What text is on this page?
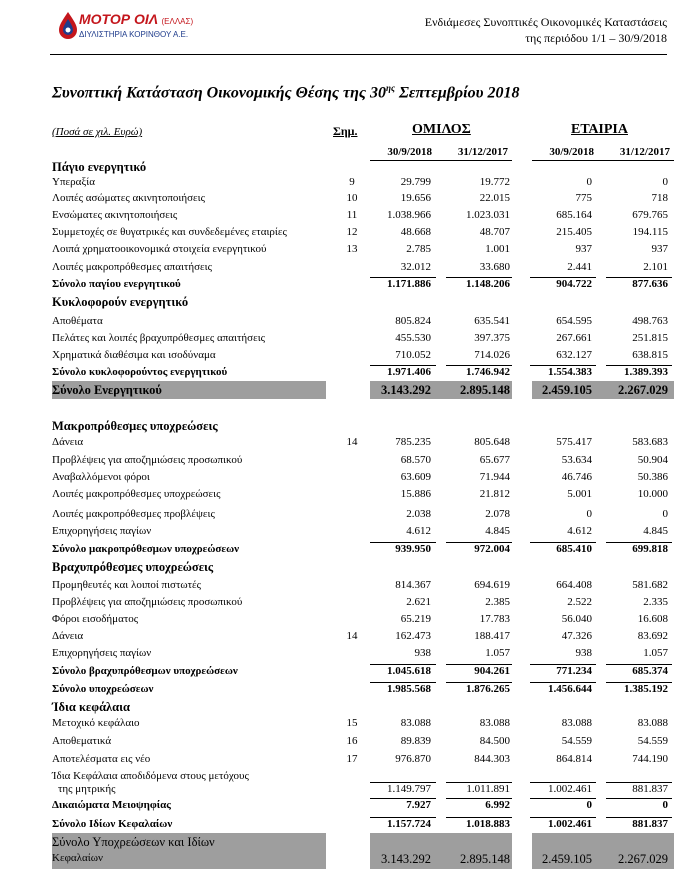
ΜΟΤΟΡ ΟΙΛ (ΕΛΛΑΣ)
ΔΙΥΛΙΣΤΗΡΙΑ ΚΟΡΙΝΘΟΥ Α.Ε.
Ενδιάμεσες Συνοπτικές Οικονομικές Καταστάσεις
της περιόδου 1/1 – 30/9/2018
Συνοπτική Κατάσταση Οικονομικής Θέσης της $30^{\eta\varsigma}$ Σεπτεμβρίου 2018
(Ποσά σε χιλ. Ευρώ)	Σημ.	ΟΜΙΛΟΣ	ΕΤΑΙΡΙΑ
30/9/2018	31/12/2017	30/9/2018	31/12/2017
Πάγιο ενεργητικό
Υπεραξία	9	29.799	19.772	0	0
Λοιπές ασώματες ακινητοποιήσεις	10	19.656	22.015	775	718
Ενσώματες ακινητοποιήσεις	11	1.038.966	1.023.031	685.164	679.765
Συμμετοχές σε θυγατρικές και συνδεδεμένες εταιρίες	12	48.668	48.707	215.405	194.115
Λοιπά χρηματοοικονομικά στοιχεία ενεργητικού	13	2.785	1.001	937	937
Λοιπές μακροπρόθεσμες απαιτήσεις	32.012	33.680	2.441	2.101
Σύνολο παγίου ενεργητικού	1.171.886	1.148.206	904.722	877.636
Κυκλοφορούν ενεργητικό
Αποθέματα	805.824	635.541	654.595	498.763
Πελάτες και λοιπές βραχυπρόθεσμες απαιτήσεις	455.530	397.375	267.661	251.815
Χρηματικά διαθέσιμα και ισοδύναμα	710.052	714.026	632.127	638.815
Σύνολο κυκλοφορούντος ενεργητικού	1.971.406	1.746.942	1.554.383	1.389.393
Σύνολο Ενεργητικού	3.143.292	2.895.148	2.459.105	2.267.029
Μακροπρόθεσμες υποχρεώσεις
Δάνεια	14	785.235	805.648	575.417	583.683
Προβλέψεις για αποζημιώσεις προσωπικού	68.570	65.677	53.634	50.904
Αναβαλλόμενοι φόροι	63.609	71.944	46.746	50.386
Λοιπές μακροπρόθεσμες υποχρεώσεις	15.886	21.812	5.001	10.000
Λοιπές μακροπρόθεσμες προβλέψεις	2.038	2.078	0	0
Επιχορηγήσεις παγίων	4.612	4.845	4.612	4.845
Σύνολο μακροπρόθεσμων υποχρεώσεων	939.950	972.004	685.410	699.818
Βραχυπρόθεσμες υποχρεώσεις
Προμηθευτές και λοιποί πιστωτές	814.367	694.619	664.408	581.682
Προβλέψεις για αποζημιώσεις προσωπικού	2.621	2.385	2.522	2.335
Φόροι εισοδήματος	65.219	17.783	56.040	16.608
Δάνεια	14	162.473	188.417	47.326	83.692
Επιχορηγήσεις παγίων	938	1.057	938	1.057
Σύνολο βραχυπρόθεσμων υποχρεώσεων	1.045.618	904.261	771.234	685.374
Σύνολο υποχρεώσεων	1.985.568	1.876.265	1.456.644	1.385.192
Ίδια κεφάλαια
Μετοχικό κεφάλαιο	15	83.088	83.088	83.088	83.088
Αποθεματικά	16	89.839	84.500	54.559	54.559
Αποτελέσματα εις νέο	17	976.870	844.303	864.814	744.190
Ίδια Κεφάλαια αποδιδόμενα στους μετόχους
της μητρικής	1.149.797	1.011.891	1.002.461	881.837
Δικαιώματα Μειοψηφίας	7.927	6.992	0	0
Σύνολο Ιδίων Κεφαλαίων	1.157.724	1.018.883	1.002.461	881.837
Σύνολο Υποχρεώσεων και Ιδίων
Κεφαλαίων	3.143.292	2.895.148	2.459.105	2.267.029
